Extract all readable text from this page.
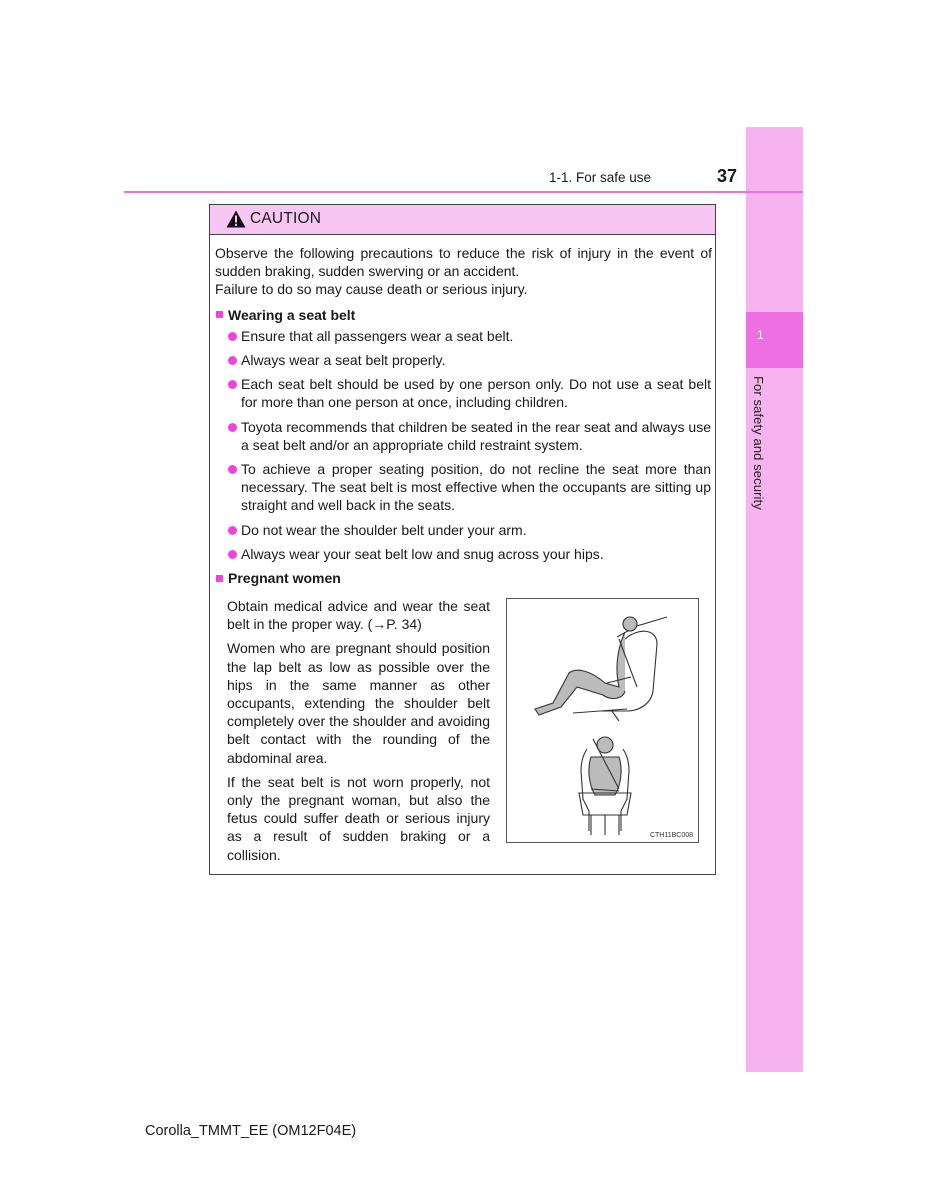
1
For safety and security
1-1. For safe use	37
CAUTION

Observe the following precautions to reduce the risk of injury in the event of sudden braking, sudden swerving or an accident.

Failure to do so may cause death or serious injury.

Wearing a seat belt
Ensure that all passengers wear a seat belt.
Always wear a seat belt properly.
Each seat belt should be used by one person only. Do not use a seat belt for more than one person at once, including children.
Toyota recommends that children be seated in the rear seat and always use a seat belt and/or an appropriate child restraint system.
To achieve a proper seating position, do not recline the seat more than necessary. The seat belt is most effective when the occupants are sitting up straight and well back in the seats.
Do not wear the shoulder belt under your arm.
Always wear your seat belt low and snug across your hips.
Pregnant women

Obtain medical advice and wear the seat belt in the proper way. (→P. 34)

Women who are pregnant should position the lap belt as low as possible over the hips in the same manner as other occupants, extending the shoulder belt completely over the shoulder and avoiding belt contact with the rounding of the abdominal area.

If the seat belt is not worn properly, not only the pregnant woman, but also the fetus could suffer death or serious injury as a result of sudden braking or a collision.

CTH11BC008
Corolla_TMMT_EE (OM12F04E)
